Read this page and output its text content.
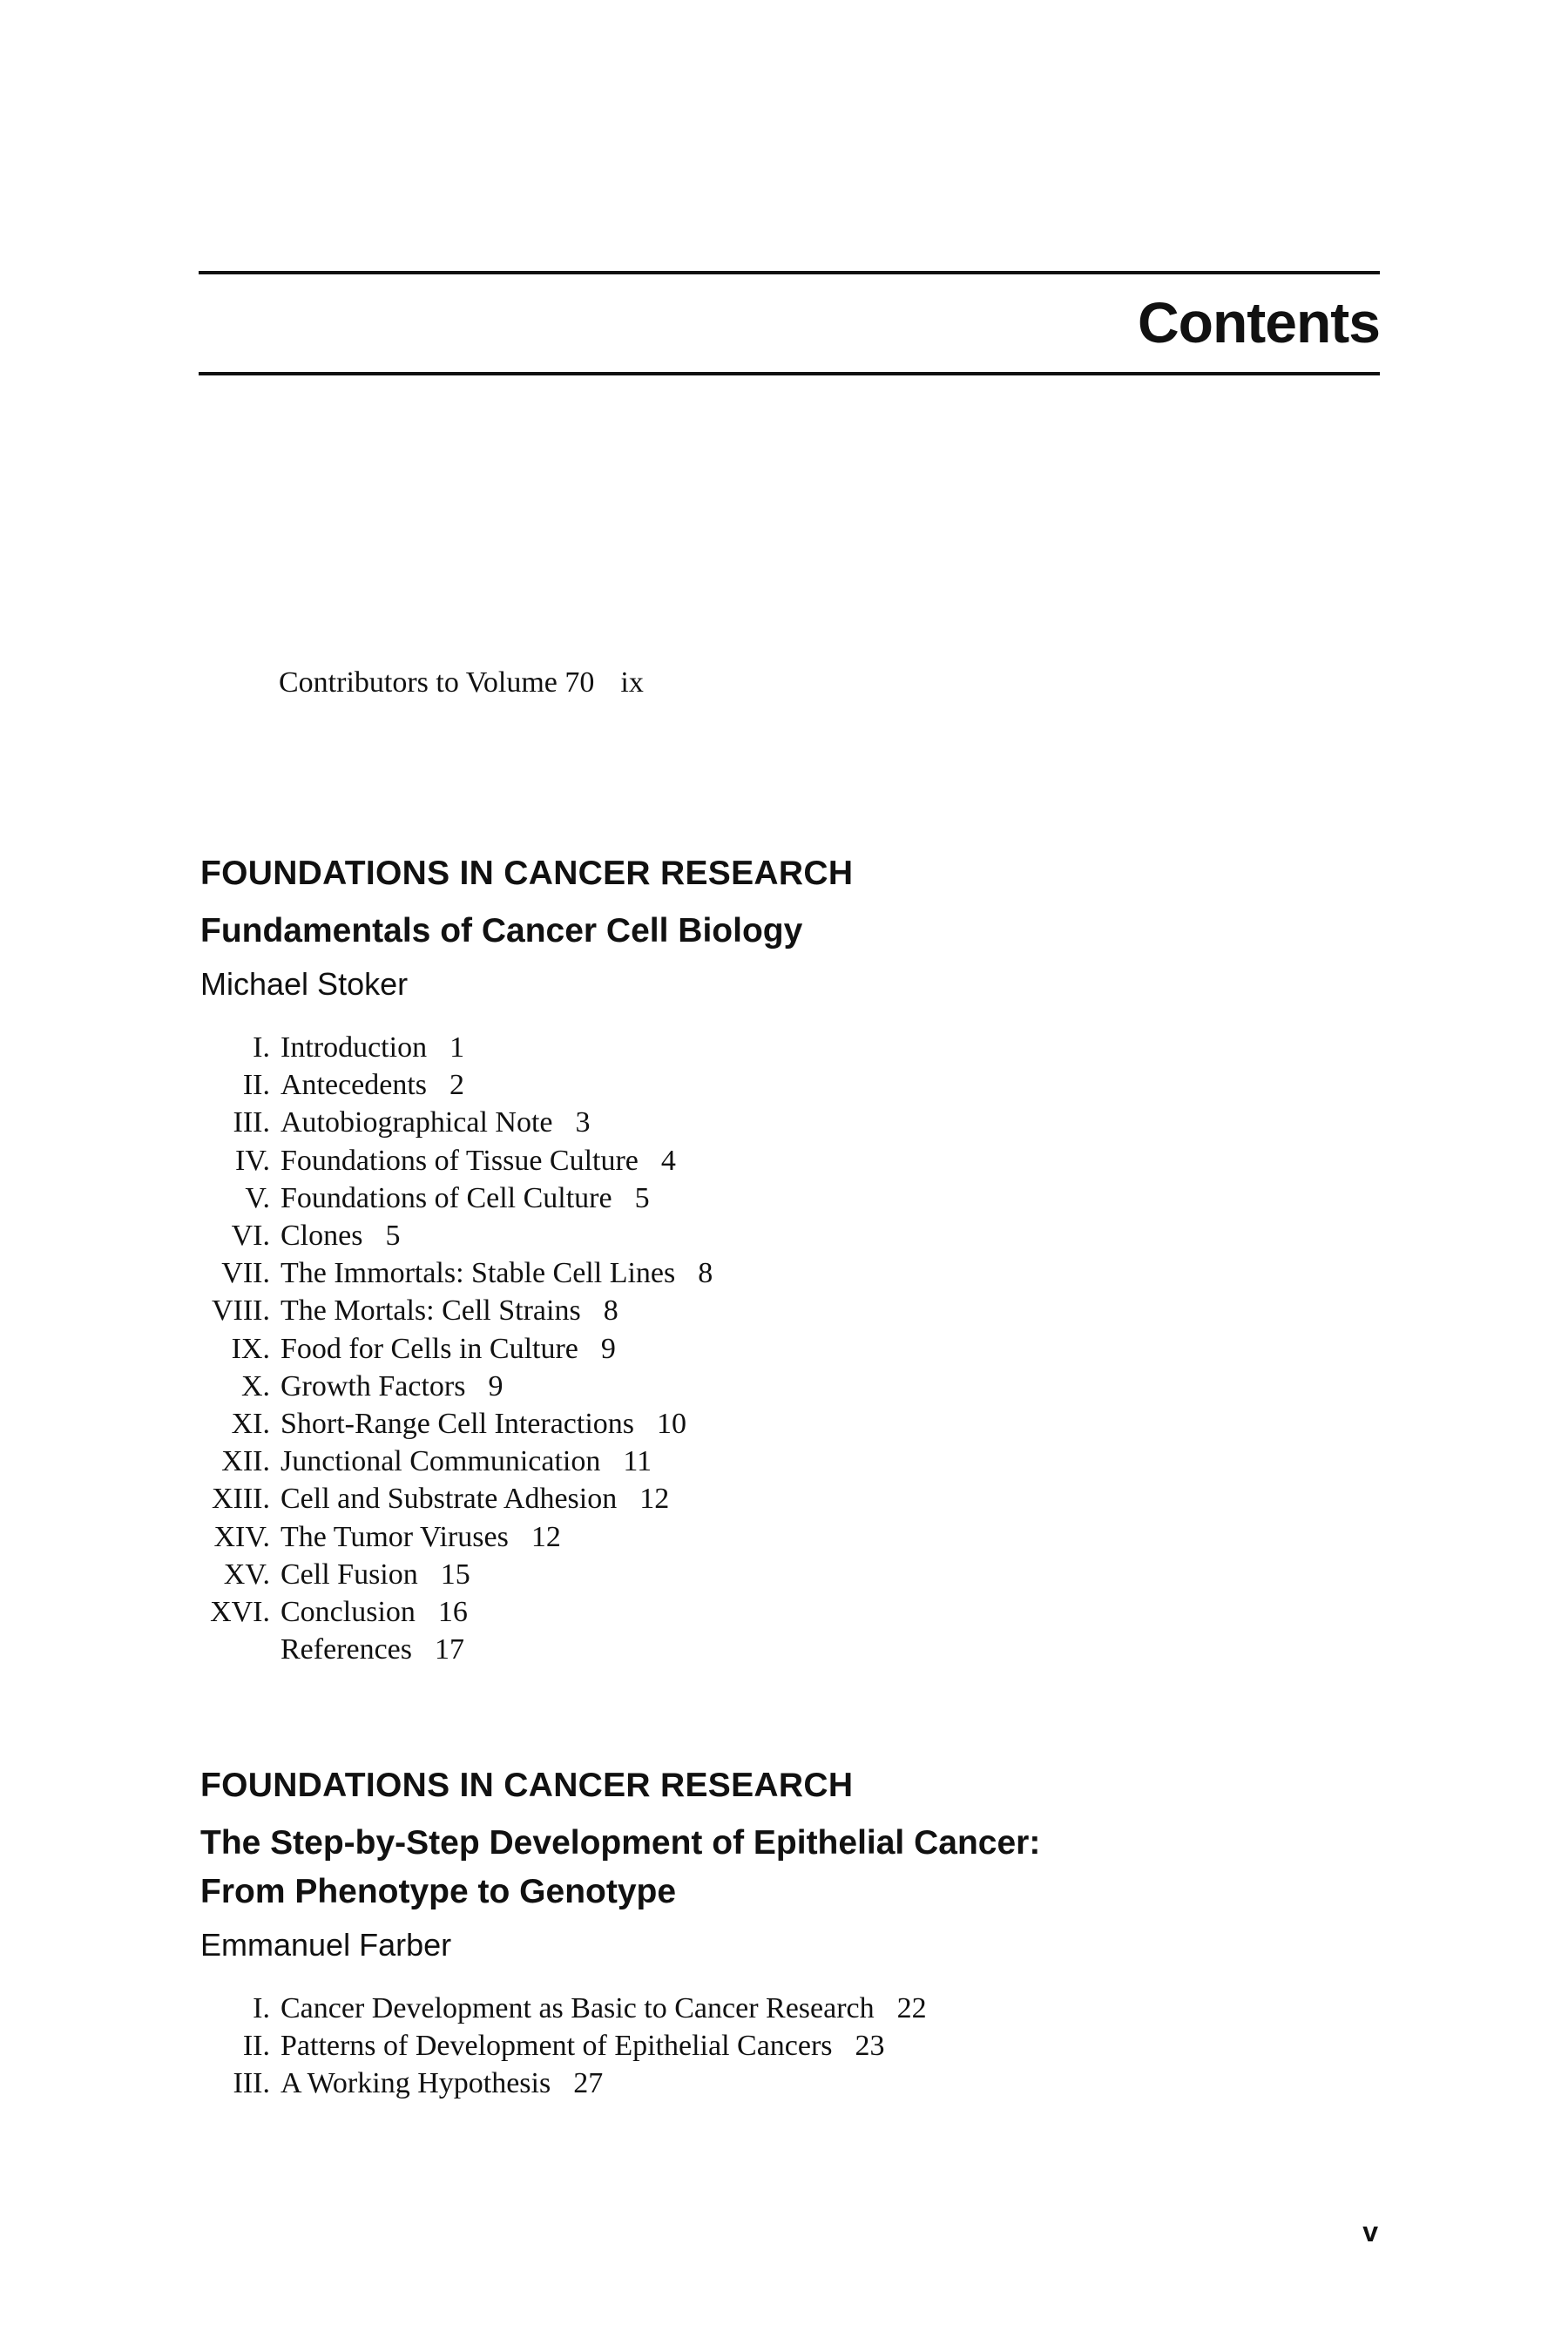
Contents
Contributors to Volume 70 ix

FOUNDATIONS IN CANCER RESEARCH

Fundamentals of Cancer Cell Biology

Michael Stoker

I. Introduction 1
II. Antecedents 2
III. Autobiographical Note 3
IV. Foundations of Tissue Culture 4
V. Foundations of Cell Culture 5
VI. Clones 5
VII. The Immortals: Stable Cell Lines 8
VIII. The Mortals: Cell Strains 8
IX. Food for Cells in Culture 9
X. Growth Factors 9
XI. Short-Range Cell Interactions 10
XII. Junctional Communication 11
XIII. Cell and Substrate Adhesion 12
XIV. The Tumor Viruses 12
XV. Cell Fusion 15
XVI. Conclusion 16
References 17

FOUNDATIONS IN CANCER RESEARCH

The Step-by-Step Development of Epithelial Cancer:
From Phenotype to Genotype

Emmanuel Farber

I. Cancer Development as Basic to Cancer Research 22
II. Patterns of Development of Epithelial Cancers 23
III. A Working Hypothesis 27
v
